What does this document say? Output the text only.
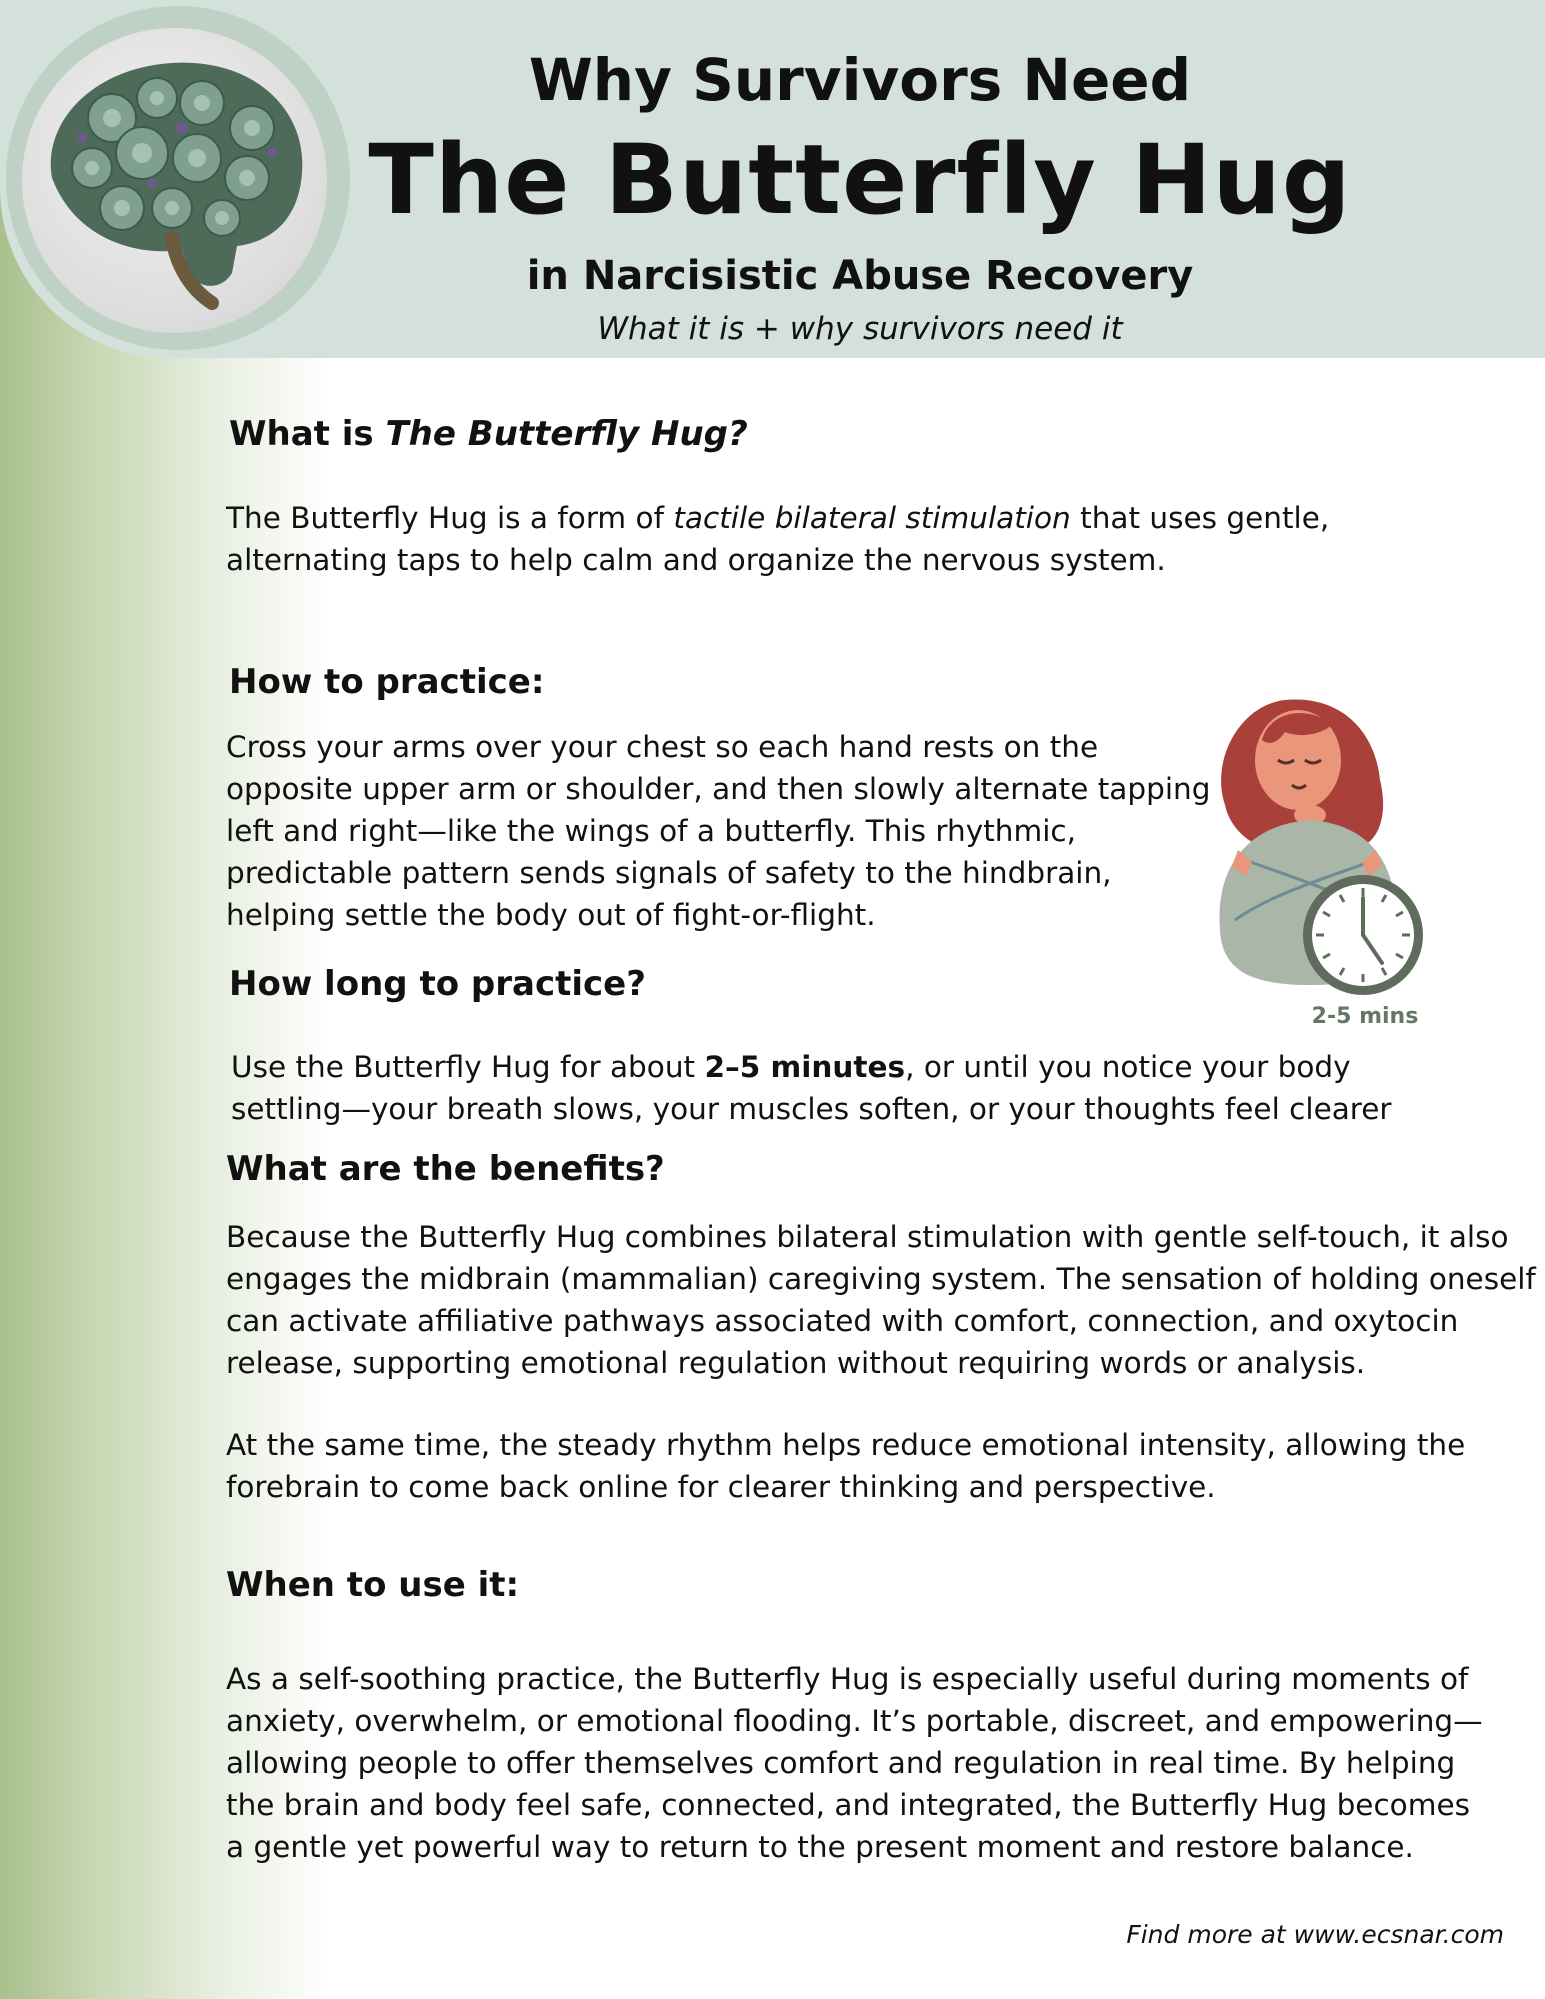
Why Survivors Need
The Butterfly Hug
in Narcisistic Abuse Recovery
What it is + why survivors need it
What is The Butterfly Hug?

The Butterfly Hug is a form of tactile bilateral stimulation that uses gentle,
alternating taps to help calm and organize the nervous system.

How to practice:

Cross your arms over your chest so each hand rests on the
opposite upper arm or shoulder, and then slowly alternate tapping
left and right—like the wings of a butterfly. This rhythmic,
predictable pattern sends signals of safety to the hindbrain,
helping settle the body out of fight-or-flight.

2-5 mins
How long to practice?

Use the Butterfly Hug for about 2–5 minutes, or until you notice your body
settling—your breath slows, your muscles soften, or your thoughts feel clearer

What are the benefits?

Because the Butterfly Hug combines bilateral stimulation with gentle self-touch, it also
engages the midbrain (mammalian) caregiving system. The sensation of holding oneself
can activate affiliative pathways associated with comfort, connection, and oxytocin
release, supporting emotional regulation without requiring words or analysis.

At the same time, the steady rhythm helps reduce emotional intensity, allowing the
forebrain to come back online for clearer thinking and perspective.

When to use it:

As a self-soothing practice, the Butterfly Hug is especially useful during moments of
anxiety, overwhelm, or emotional flooding. It’s portable, discreet, and empowering—
allowing people to offer themselves comfort and regulation in real time. By helping
the brain and body feel safe, connected, and integrated, the Butterfly Hug becomes
a gentle yet powerful way to return to the present moment and restore balance.

Find more at www.ecsnar.com
